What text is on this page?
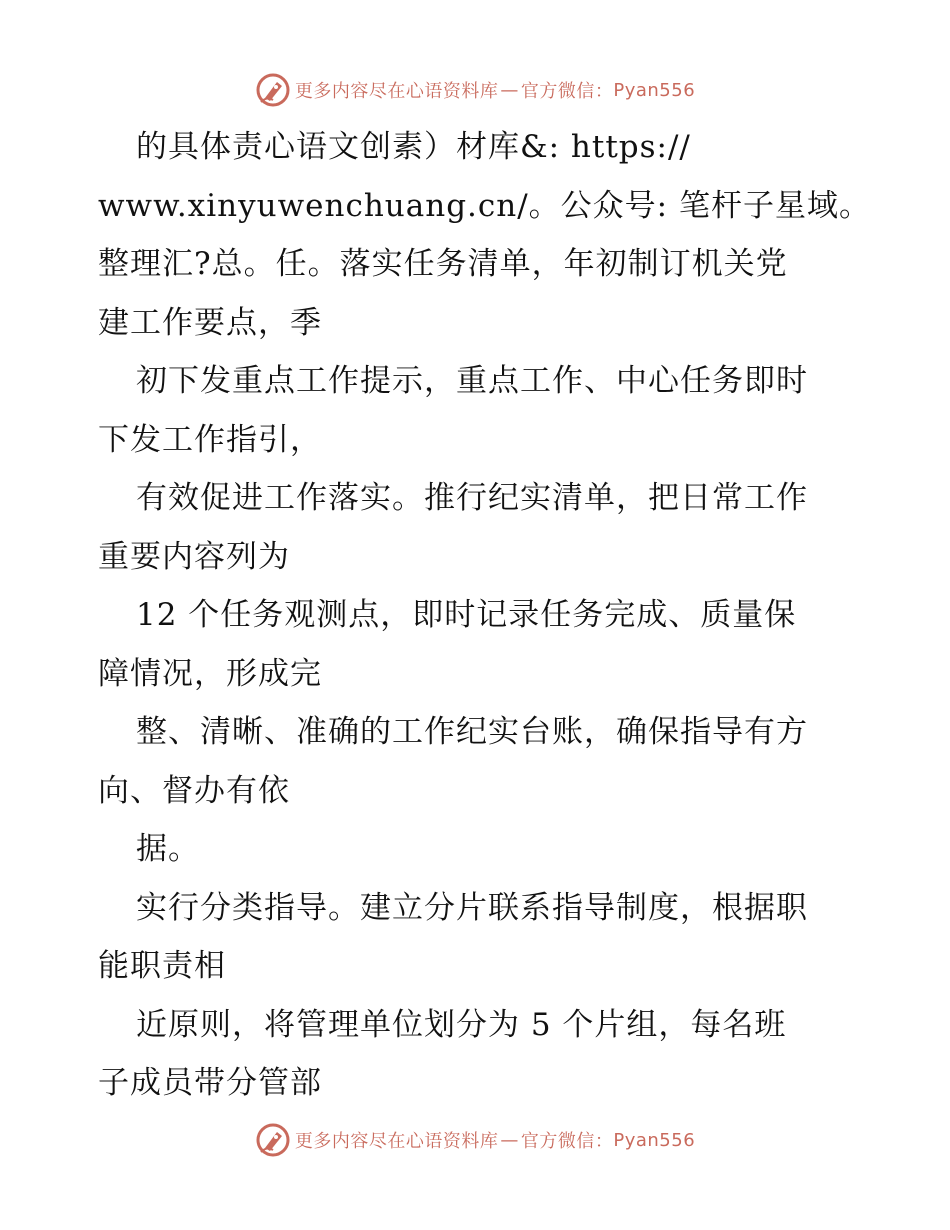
更多内容尽在心语资料库 — 官方微信： Pyan556
的具体责心语文创素）材库&: https://
www.xinyuwenchuang.cn/。公众号: 笔杆子星域。
整理汇?总。任。落实任务清单，年初制订机关党
建工作要点，季
初下发重点工作提示，重点工作、中心任务即时
下发工作指引，
有效促进工作落实。推行纪实清单，把日常工作
重要内容列为
12 个任务观测点，即时记录任务完成、质量保
障情况，形成完
整、清晰、准确的工作纪实台账，确保指导有方
向、督办有依
据。
实行分类指导。建立分片联系指导制度，根据职
能职责相
近原则，将管理单位划分为 5 个片组，每名班
子成员带分管部
更多内容尽在心语资料库 — 官方微信： Pyan556
